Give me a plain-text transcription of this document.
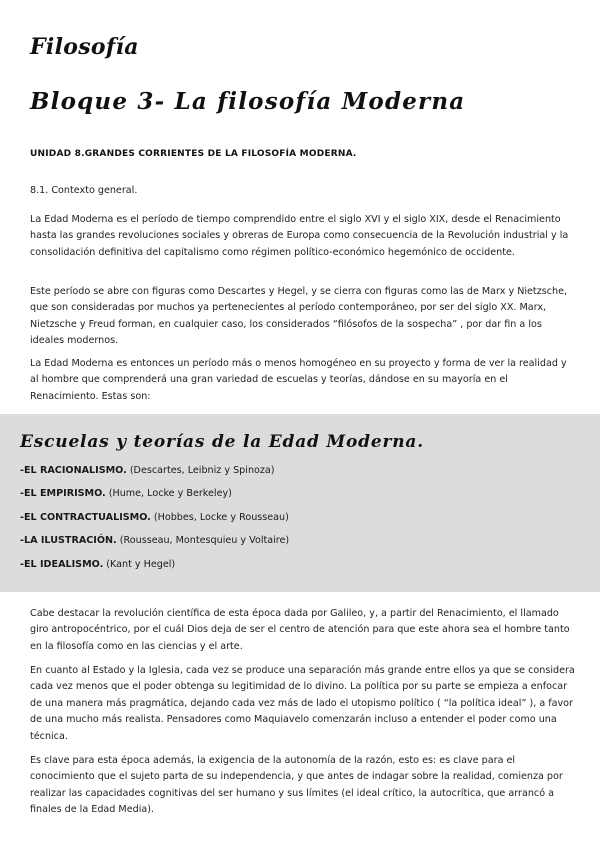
Filosofía
Bloque 3- La filosofía Moderna
UNIDAD 8.GRANDES CORRIENTES DE LA FILOSOFÍA MODERNA.
8.1. Contexto general.
La Edad Moderna es el período de tiempo comprendido entre el siglo XVI y el siglo XIX, desde el Renacimiento hasta las grandes revoluciones sociales y obreras de Europa como consecuencia de la Revolución industrial y la consolidación definitiva del capitalismo como régimen político-económico hegemónico de occidente.
Este período se abre con figuras como Descartes y Hegel, y se cierra con figuras como las de Marx y Nietzsche, que son consideradas por muchos ya pertenecientes al período contemporáneo, por ser del siglo XX. Marx, Nietzsche y Freud forman, en cualquier caso, los considerados “filósofos de la sospecha” , por dar fin a los ideales modernos.
La Edad Moderna es entonces un período más o menos homogéneo en su proyecto y forma de ver la realidad y al hombre que comprenderá una gran variedad de escuelas y teorías, dándose en su mayoría en el Renacimiento. Estas son:
Escuelas y teorías de la Edad Moderna.
-EL RACIONALISMO. (Descartes, Leibniz y Spinoza)
-EL EMPIRISMO. (Hume, Locke y Berkeley)
-EL CONTRACTUALISMO. (Hobbes, Locke y Rousseau)
-LA ILUSTRACIÓN. (Rousseau, Montesquieu y Voltaire)
-EL IDEALISMO. (Kant y Hegel)
Cabe destacar la revolución científica de esta época dada por Galileo, y, a partir del Renacimiento, el llamado giro antropocéntrico, por el cuál Dios deja de ser el centro de atención para que este ahora sea el hombre tanto en la filosofía como en las ciencias y el arte.
En cuanto al Estado y la Iglesia, cada vez se produce una separación más grande entre ellos ya que se considera cada vez menos que el poder obtenga su legitimidad de lo divino. La política por su parte se empieza a enfocar de una manera más pragmática, dejando cada vez más de lado el utopismo político ( “la política ideal” ), a favor de una mucho más realista. Pensadores como Maquiavelo comenzarán incluso a entender el poder como una técnica.
Es clave para esta época además, la exigencia de la autonomía de la razón, esto es: es clave para el conocimiento que el sujeto parta de su independencia, y que antes de indagar sobre la realidad, comienza por realizar las capacidades cognitivas del ser humano y sus límites (el ideal crítico, la autocrítica, que arrancó a finales de la Edad Media).
